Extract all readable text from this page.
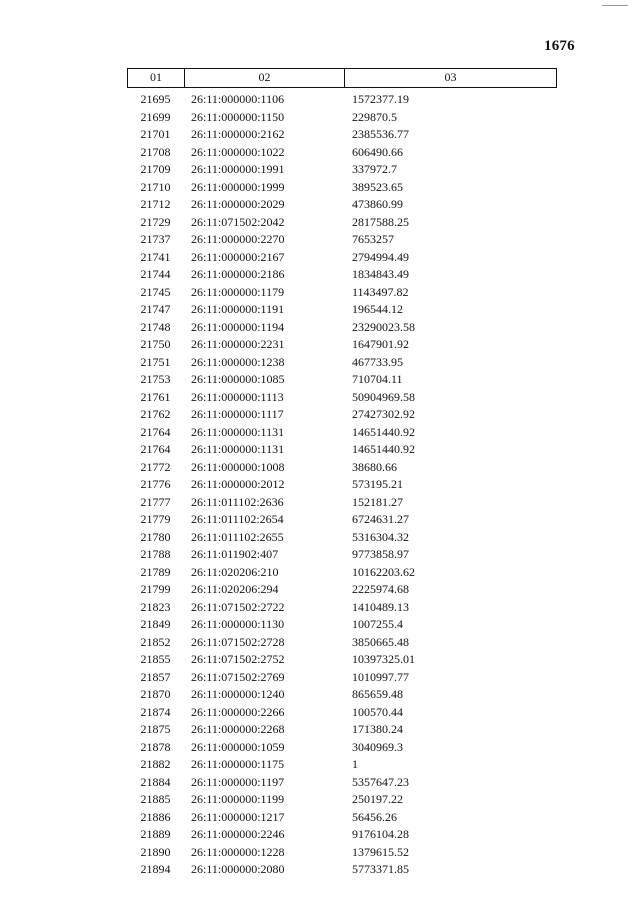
1676
01	02	03
21695	26:11:000000:1106	1572377.19
21699	26:11:000000:1150	229870.5
21701	26:11:000000:2162	2385536.77
21708	26:11:000000:1022	606490.66
21709	26:11:000000:1991	337972.7
21710	26:11:000000:1999	389523.65
21712	26:11:000000:2029	473860.99
21729	26:11:071502:2042	2817588.25
21737	26:11:000000:2270	7653257
21741	26:11:000000:2167	2794994.49
21744	26:11:000000:2186	1834843.49
21745	26:11:000000:1179	1143497.82
21747	26:11:000000:1191	196544.12
21748	26:11:000000:1194	23290023.58
21750	26:11:000000:2231	1647901.92
21751	26:11:000000:1238	467733.95
21753	26:11:000000:1085	710704.11
21761	26:11:000000:1113	50904969.58
21762	26:11:000000:1117	27427302.92
21764	26:11:000000:1131	14651440.92
21764	26:11:000000:1131	14651440.92
21772	26:11:000000:1008	38680.66
21776	26:11:000000:2012	573195.21
21777	26:11:011102:2636	152181.27
21779	26:11:011102:2654	6724631.27
21780	26:11:011102:2655	5316304.32
21788	26:11:011902:407	9773858.97
21789	26:11:020206:210	10162203.62
21799	26:11:020206:294	2225974.68
21823	26:11:071502:2722	1410489.13
21849	26:11:000000:1130	1007255.4
21852	26:11:071502:2728	3850665.48
21855	26:11:071502:2752	10397325.01
21857	26:11:071502:2769	1010997.77
21870	26:11:000000:1240	865659.48
21874	26:11:000000:2266	100570.44
21875	26:11:000000:2268	171380.24
21878	26:11:000000:1059	3040969.3
21882	26:11:000000:1175	1
21884	26:11:000000:1197	5357647.23
21885	26:11:000000:1199	250197.22
21886	26:11:000000:1217	56456.26
21889	26:11:000000:2246	9176104.28
21890	26:11:000000:1228	1379615.52
21894	26:11:000000:2080	5773371.85
